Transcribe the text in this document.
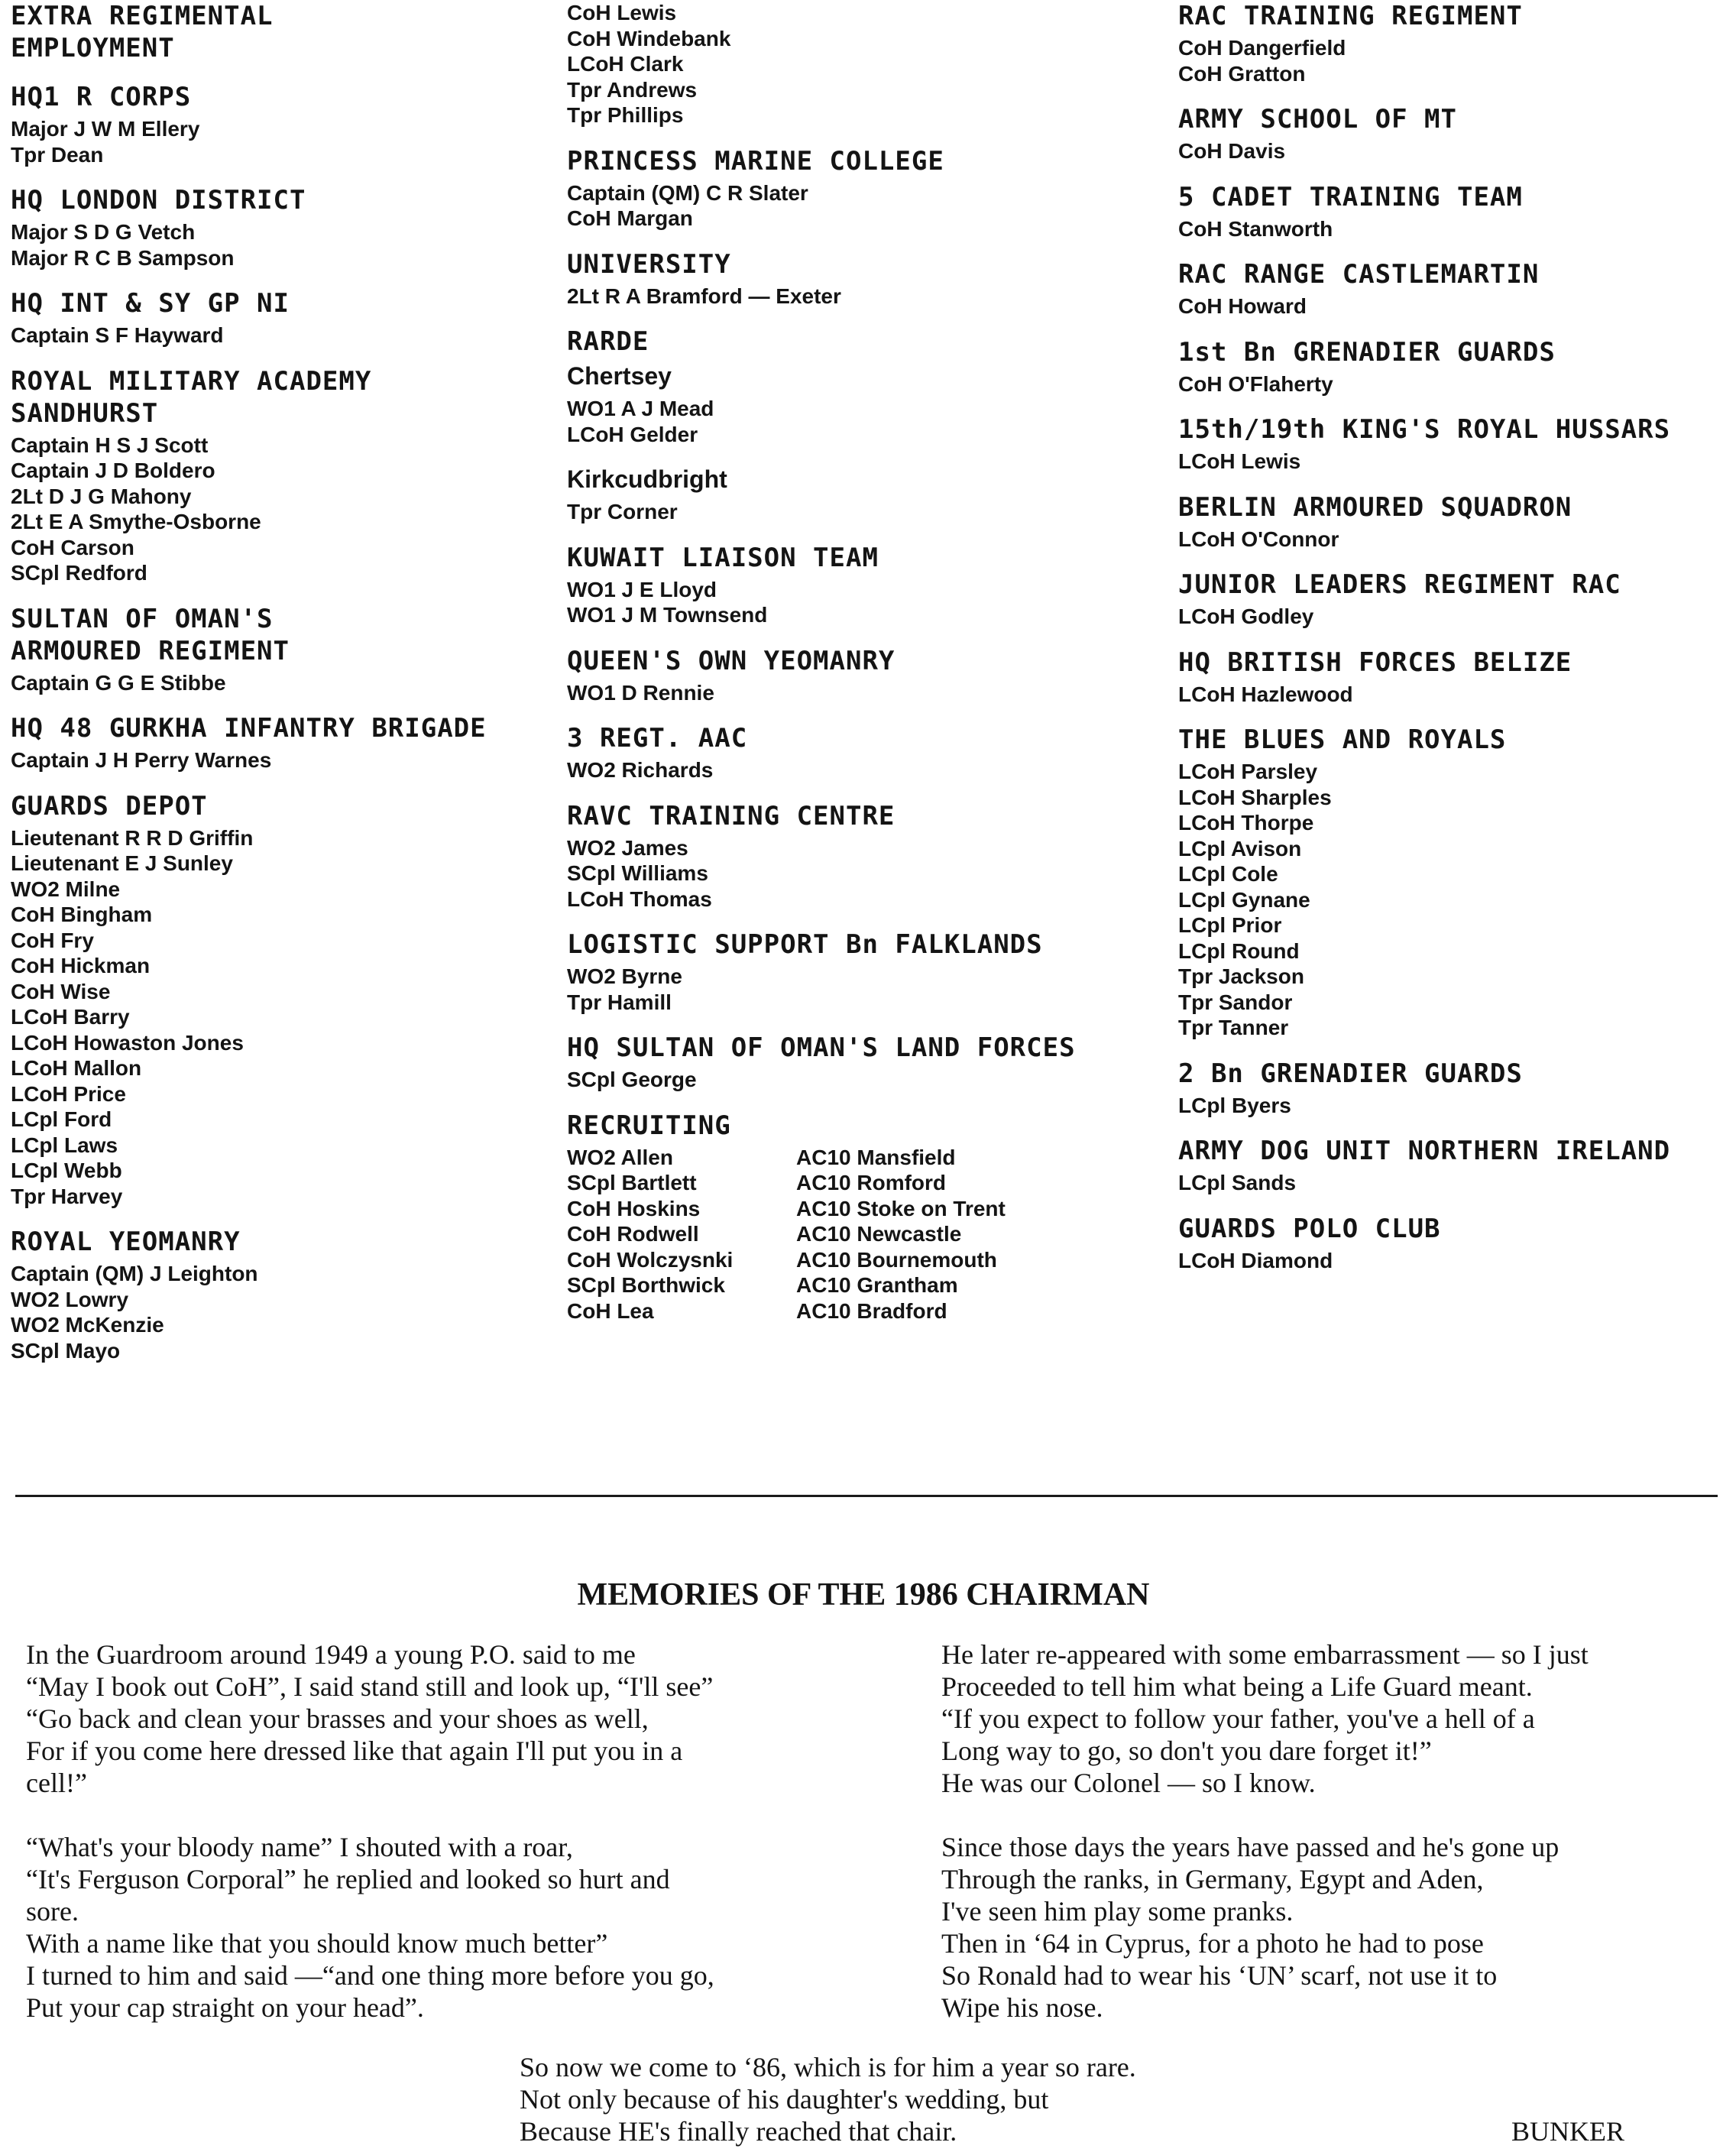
EXTRA REGIMENTAL
EMPLOYMENT
HQ1 R CORPS
Major J W M Ellery
Tpr Dean
HQ LONDON DISTRICT
Major S D G Vetch
Major R C B Sampson
HQ INT & SY GP NI
Captain S F Hayward
ROYAL MILITARY ACADEMY
SANDHURST
Captain H S J Scott
Captain J D Boldero
2Lt D J G Mahony
2Lt E A Smythe-Osborne
CoH Carson
SCpl Redford
SULTAN OF OMAN'S
ARMOURED REGIMENT
Captain G G E Stibbe
HQ 48 GURKHA INFANTRY BRIGADE
Captain J H Perry Warnes
GUARDS DEPOT
Lieutenant R R D Griffin
Lieutenant E J Sunley
WO2 Milne
CoH Bingham
CoH Fry
CoH Hickman
CoH Wise
LCoH Barry
LCoH Howaston Jones
LCoH Mallon
LCoH Price
LCpl Ford
LCpl Laws
LCpl Webb
Tpr Harvey
ROYAL YEOMANRY
Captain (QM) J Leighton
WO2 Lowry
WO2 McKenzie
SCpl Mayo
CoH Lewis
CoH Windebank
LCoH Clark
Tpr Andrews
Tpr Phillips
PRINCESS MARINE COLLEGE
Captain (QM) C R Slater
CoH Margan
UNIVERSITY
2Lt R A Bramford — Exeter
RARDE
Chertsey
WO1 A J Mead
LCoH Gelder
Kirkcudbright
Tpr Corner
KUWAIT LIAISON TEAM
WO1 J E Lloyd
WO1 J M Townsend
QUEEN'S OWN YEOMANRY
WO1 D Rennie
3 REGT. AAC
WO2 Richards
RAVC TRAINING CENTRE
WO2 James
SCpl Williams
LCoH Thomas
LOGISTIC SUPPORT Bn FALKLANDS
WO2 Byrne
Tpr Hamill
HQ SULTAN OF OMAN'S LAND FORCES
SCpl George
RECRUITING
WO2 Allen
SCpl Bartlett
CoH Hoskins
CoH Rodwell
CoH Wolczysnki
SCpl Borthwick
CoH Lea
AC10 Mansfield
AC10 Romford
AC10 Stoke on Trent
AC10 Newcastle
AC10 Bournemouth
AC10 Grantham
AC10 Bradford
RAC TRAINING REGIMENT
CoH Dangerfield
CoH Gratton
ARMY SCHOOL OF MT
CoH Davis
5 CADET TRAINING TEAM
CoH Stanworth
RAC RANGE CASTLEMARTIN
CoH Howard
1st Bn GRENADIER GUARDS
CoH O'Flaherty
15th/19th KING'S ROYAL HUSSARS
LCoH Lewis
BERLIN ARMOURED SQUADRON
LCoH O'Connor
JUNIOR LEADERS REGIMENT RAC
LCoH Godley
HQ BRITISH FORCES BELIZE
LCoH Hazlewood
THE BLUES AND ROYALS
LCoH Parsley
LCoH Sharples
LCoH Thorpe
LCpl Avison
LCpl Cole
LCpl Gynane
LCpl Prior
LCpl Round
Tpr Jackson
Tpr Sandor
Tpr Tanner
2 Bn GRENADIER GUARDS
LCpl Byers
ARMY DOG UNIT NORTHERN IRELAND
LCpl Sands
GUARDS POLO CLUB
LCoH Diamond
MEMORIES OF THE 1986 CHAIRMAN

In the Guardroom around 1949 a young P.O. said to me
“May I book out CoH”, I said stand still and look up, “I'll see”
“Go back and clean your brasses and your shoes as well,
For if you come here dressed like that again I'll put you in a
cell!”

“What's your bloody name” I shouted with a roar,
“It's Ferguson Corporal” he replied and looked so hurt and
sore.
With a name like that you should know much better”
I turned to him and said —“and one thing more before you go,
Put your cap straight on your head”.

He later re-appeared with some embarrassment — so I just
Proceeded to tell him what being a Life Guard meant.
“If you expect to follow your father, you've a hell of a
Long way to go, so don't you dare forget it!”
He was our Colonel — so I know.

Since those days the years have passed and he's gone up
Through the ranks, in Germany, Egypt and Aden,
I've seen him play some pranks.
Then in ‘64 in Cyprus, for a photo he had to pose
So Ronald had to wear his ‘UN’ scarf, not use it to
Wipe his nose.

So now we come to ‘86, which is for him a year so rare.
Not only because of his daughter's wedding, but
Because HE's finally reached that chair.	BUNKER
